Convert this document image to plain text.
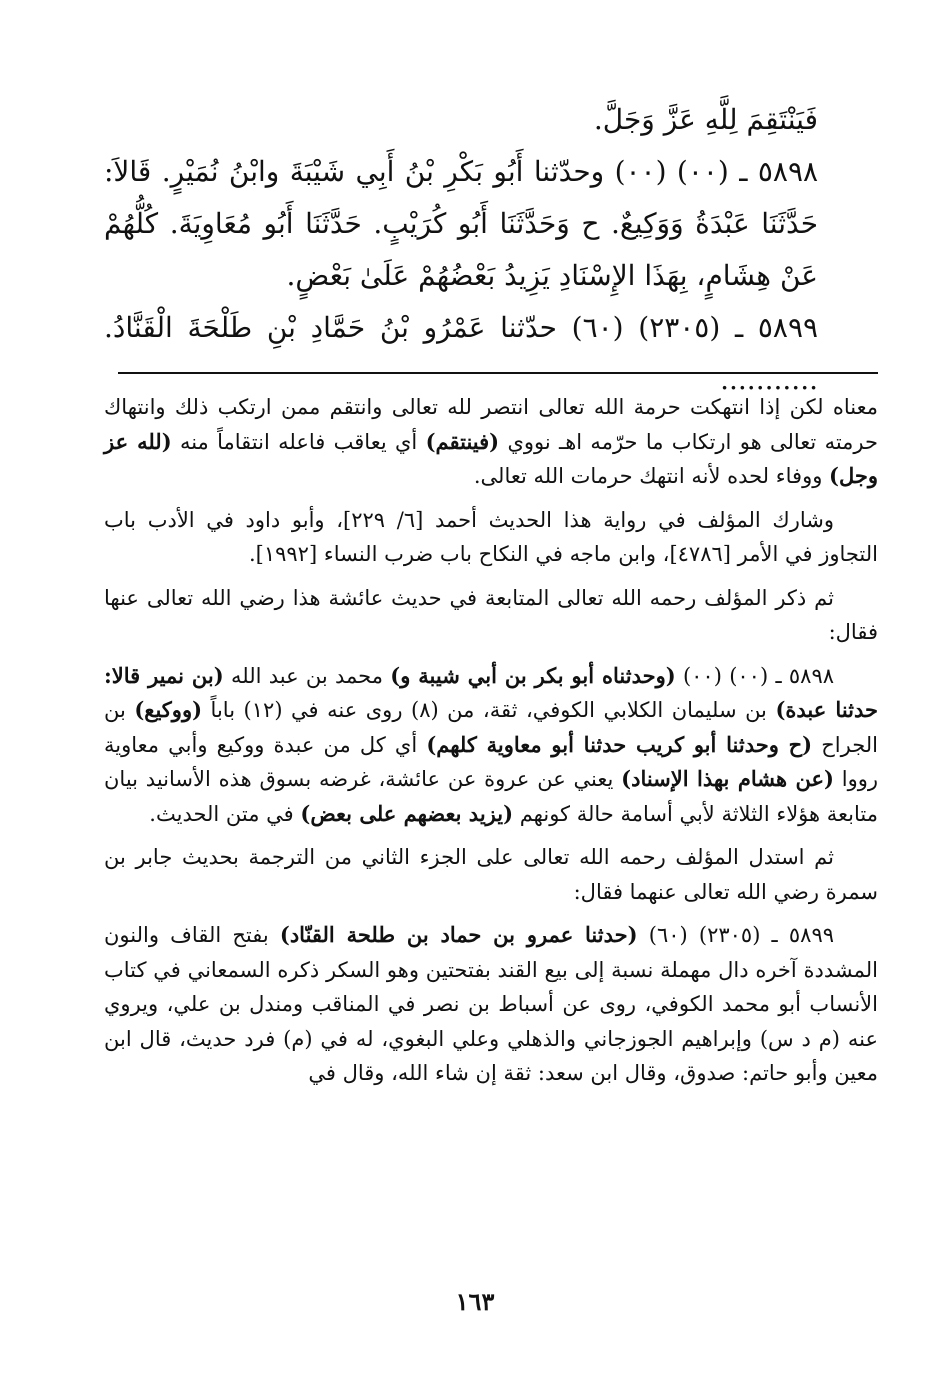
فَيَنْتَقِمَ لِلَّهِ عَزَّ وَجَلَّ.

٥٨٩٨ ـ (٠٠) (٠٠) وحدّثنا أَبُو بَكْرِ بْنُ أَبِي شَيْبَةَ وابْنُ نُمَيْرٍ. قَالاَ: حَدَّثَنَا عَبْدَةُ وَوَكِيعٌ. ح وَحَدَّثَنَا أَبُو كُرَيْبٍ. حَدَّثَنَا أَبُو مُعَاوِيَةَ. كُلُّهُمْ عَنْ هِشَامٍ، بِهَذَا الإِسْنَادِ يَزِيدُ بَعْضُهُمْ عَلَىٰ بَعْضٍ.

٥٨٩٩ ـ (٢٣٠٥) (٦٠) حدّثنا عَمْرُو بْنُ حَمَّادِ بْنِ طَلْحَةَ الْقَنَّادُ. ...........

معناه لكن إذا انتهكت حرمة الله تعالى انتصر لله تعالى وانتقم ممن ارتكب ذلك وانتهاك حرمته تعالى هو ارتكاب ما حرّمه اهـ نووي (فينتقم) أي يعاقب فاعله انتقاماً منه (لله عز وجل) ووفاء لحده لأنه انتهك حرمات الله تعالى.

وشارك المؤلف في رواية هذا الحديث أحمد [٦/ ٢٢٩]، وأبو داود في الأدب باب التجاوز في الأمر [٤٧٨٦]، وابن ماجه في النكاح باب ضرب النساء [١٩٩٢].

ثم ذكر المؤلف رحمه الله تعالى المتابعة في حديث عائشة هذا رضي الله تعالى عنها فقال:

٥٨٩٨ ـ (٠٠) (٠٠) (وحدثناه أبو بكر بن أبي شيبة و) محمد بن عبد الله (بن نمير قالا: حدثنا عبدة) بن سليمان الكلابي الكوفي، ثقة، من (٨) روى عنه في (١٢) باباً (ووكيع) بن الجراح (ح وحدثنا أبو كريب حدثنا أبو معاوية كلهم) أي كل من عبدة ووكيع وأبي معاوية رووا (عن هشام بهذا الإسناد) يعني عن عروة عن عائشة، غرضه بسوق هذه الأسانيد بيان متابعة هؤلاء الثلاثة لأبي أسامة حالة كونهم (يزيد بعضهم على بعض) في متن الحديث.

ثم استدل المؤلف رحمه الله تعالى على الجزء الثاني من الترجمة بحديث جابر بن سمرة رضي الله تعالى عنهما فقال:

٥٨٩٩ ـ (٢٣٠٥) (٦٠) (حدثنا عمرو بن حماد بن طلحة القنّاد) بفتح القاف والنون المشددة آخره دال مهملة نسبة إلى بيع القند بفتحتين وهو السكر ذكره السمعاني في كتاب الأنساب أبو محمد الكوفي، روى عن أسباط بن نصر في المناقب ومندل بن علي، ويروي عنه (م د س) وإبراهيم الجوزجاني والذهلي وعلي البغوي، له في (م) فرد حديث، قال ابن معين وأبو حاتم: صدوق، وقال ابن سعد: ثقة إن شاء الله، وقال في

١٦٣
